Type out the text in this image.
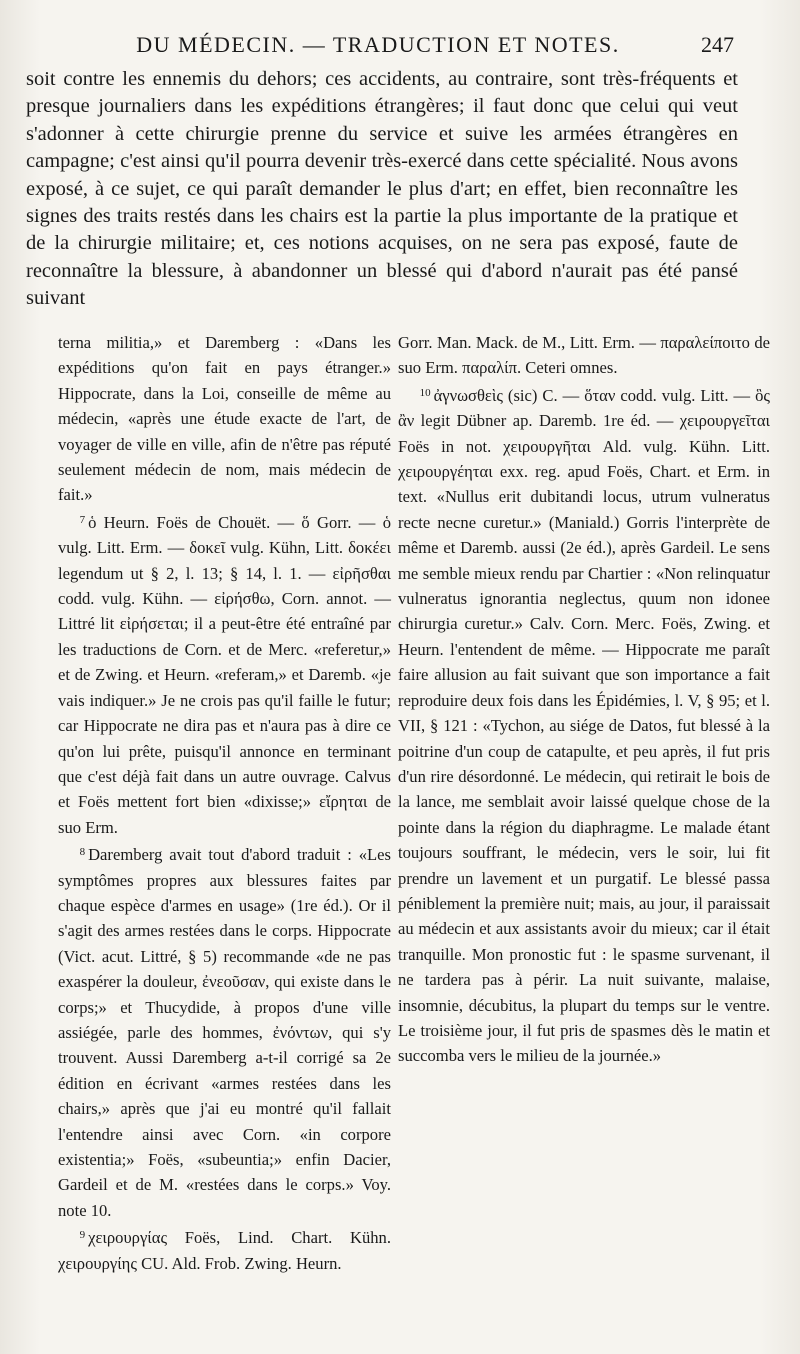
DU MÉDECIN. — TRADUCTION ET NOTES.	247

soit contre les ennemis du dehors; ces accidents, au contraire, sont très-fréquents et presque journaliers dans les expéditions étrangères; il faut donc que celui qui veut s'adonner à cette chirurgie prenne du service et suive les armées étrangères en campagne; c'est ainsi qu'il pourra devenir très-exercé dans cette spécialité. Nous avons exposé, à ce sujet, ce qui paraît demander le plus d'art; en effet, bien reconnaître les signes des traits restés dans les chairs est la partie la plus importante de la pratique et de la chirurgie militaire; et, ces notions acquises, on ne sera pas exposé, faute de reconnaître la blessure, à abandonner un blessé qui d'abord n'aurait pas été pansé suivant

terna militia,» et Daremberg : «Dans les expéditions qu'on fait en pays étranger.» Hippocrate, dans la Loi, conseille de même au médecin, «après une étude exacte de l'art, de voyager de ville en ville, afin de n'être pas réputé seulement médecin de nom, mais médecin de fait.»

$^7$ ὁ Heurn. Foës de Chouët. — ὅ Gorr. — ὁ vulg. Litt. Erm. — δοκεῖ vulg. Kühn, Litt. δοκέει legendum ut § 2, l. 13; § 14, l. 1. — εἰρῆσθαι codd. vulg. Kühn. — εἰρήσθω, Corn. annot. — Littré lit εἰρήσεται; il a peut-être été entraîné par les traductions de Corn. et de Merc. «referetur,» et de Zwing. et Heurn. «referam,» et Daremb. «je vais indiquer.» Je ne crois pas qu'il faille le futur; car Hippocrate ne dira pas et n'aura pas à dire ce qu'on lui prête, puisqu'il annonce en terminant que c'est déjà fait dans un autre ouvrage. Calvus et Foës mettent fort bien «dixisse;» εἴρηται de suo Erm.

$^8$ Daremberg avait tout d'abord traduit : «Les symptômes propres aux blessures faites par chaque espèce d'armes en usage» (1re éd.). Or il s'agit des armes restées dans le corps. Hippocrate (Vict. acut. Littré, § 5) recommande «de ne pas exaspérer la douleur, ἐνεοῦσαν, qui existe dans le corps;» et Thucydide, à propos d'une ville assiégée, parle des hommes, ἐνόντων, qui s'y trouvent. Aussi Daremberg a-t-il corrigé sa 2e édition en écrivant «armes restées dans les chairs,» après que j'ai eu montré qu'il fallait l'entendre ainsi avec Corn. «in corpore existentia;» Foës, «subeuntia;» enfin Dacier, Gardeil et de M. «restées dans le corps.» Voy. note 10.

$^9$ χειρουργίας Foës, Lind. Chart. Kühn. χειρουργίης CU. Ald. Frob. Zwing. Heurn.

Gorr. Man. Mack. de M., Litt. Erm. — παραλείποιτο de suo Erm. παραλίπ. Ceteri omnes.

$^{10}$ ἀγνωσθεὶς (sic) C. — ὅταν codd. vulg. Litt. — ὃς ἂν legit Dübner ap. Daremb. 1re éd. — χειρουργεῖται Foës in not. χειρουργῆται Ald. vulg. Kühn. Litt. χειρουργέηται exx. reg. apud Foës, Chart. et Erm. in text. «Nullus erit dubitandi locus, utrum vulneratus recte necne curetur.» (Maniald.) Gorris l'interprète de même et Daremb. aussi (2e éd.), après Gardeil. Le sens me semble mieux rendu par Chartier : «Non relinquatur vulneratus ignorantia neglectus, quum non idonee chirurgia curetur.» Calv. Corn. Merc. Foës, Zwing. et Heurn. l'entendent de même. — Hippocrate me paraît faire allusion au fait suivant que son importance a fait reproduire deux fois dans les Épidémies, l. V, § 95; et l. VII, § 121 : «Tychon, au siége de Datos, fut blessé à la poitrine d'un coup de catapulte, et peu après, il fut pris d'un rire désordonné. Le médecin, qui retirait le bois de la lance, me semblait avoir laissé quelque chose de la pointe dans la région du diaphragme. Le malade étant toujours souffrant, le médecin, vers le soir, lui fit prendre un lavement et un purgatif. Le blessé passa péniblement la première nuit; mais, au jour, il paraissait au médecin et aux assistants avoir du mieux; car il était tranquille. Mon pronostic fut : le spasme survenant, il ne tardera pas à périr. La nuit suivante, malaise, insomnie, décubitus, la plupart du temps sur le ventre. Le troisième jour, il fut pris de spasmes dès le matin et succomba vers le milieu de la journée.»
